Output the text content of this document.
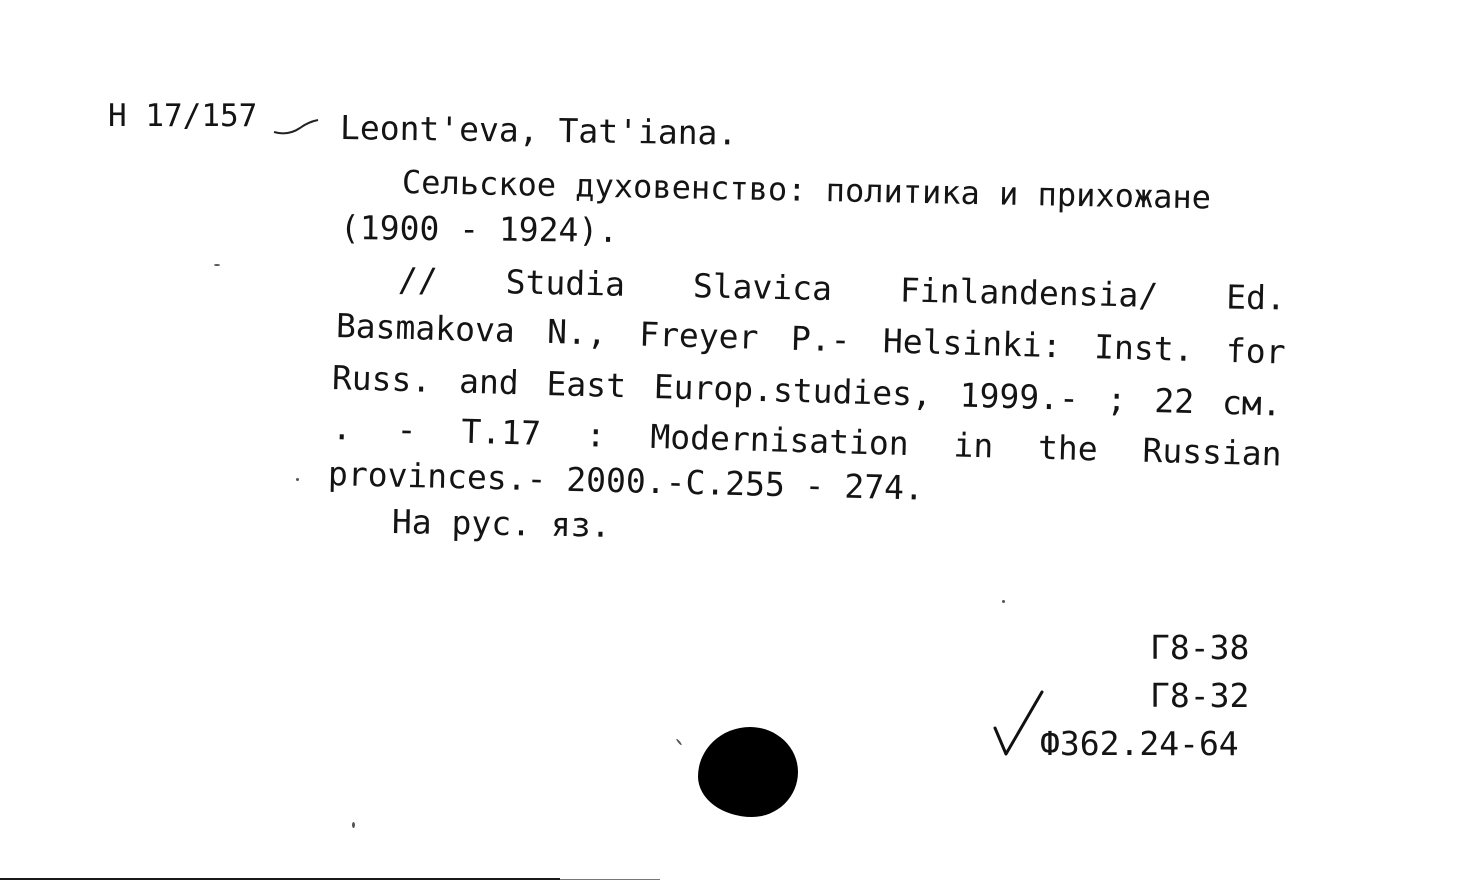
H 17/157 Leont'eva, Tat'iana.
Сельское духовенство: политика и прихожане
(1900 - 1924).
// Studia Slavica Finlandensia/ Ed.
Basmakova N., Freyer P.- Helsinki: Inst. for
Russ. and East Europ.studies, 1999.- ; 22 см.
. - T.17 : Modernisation in the Russian
provinces.- 2000.-C.255 - 274.
На рус. яз.
Г8-38
Г8-32
Ф362.24-64
